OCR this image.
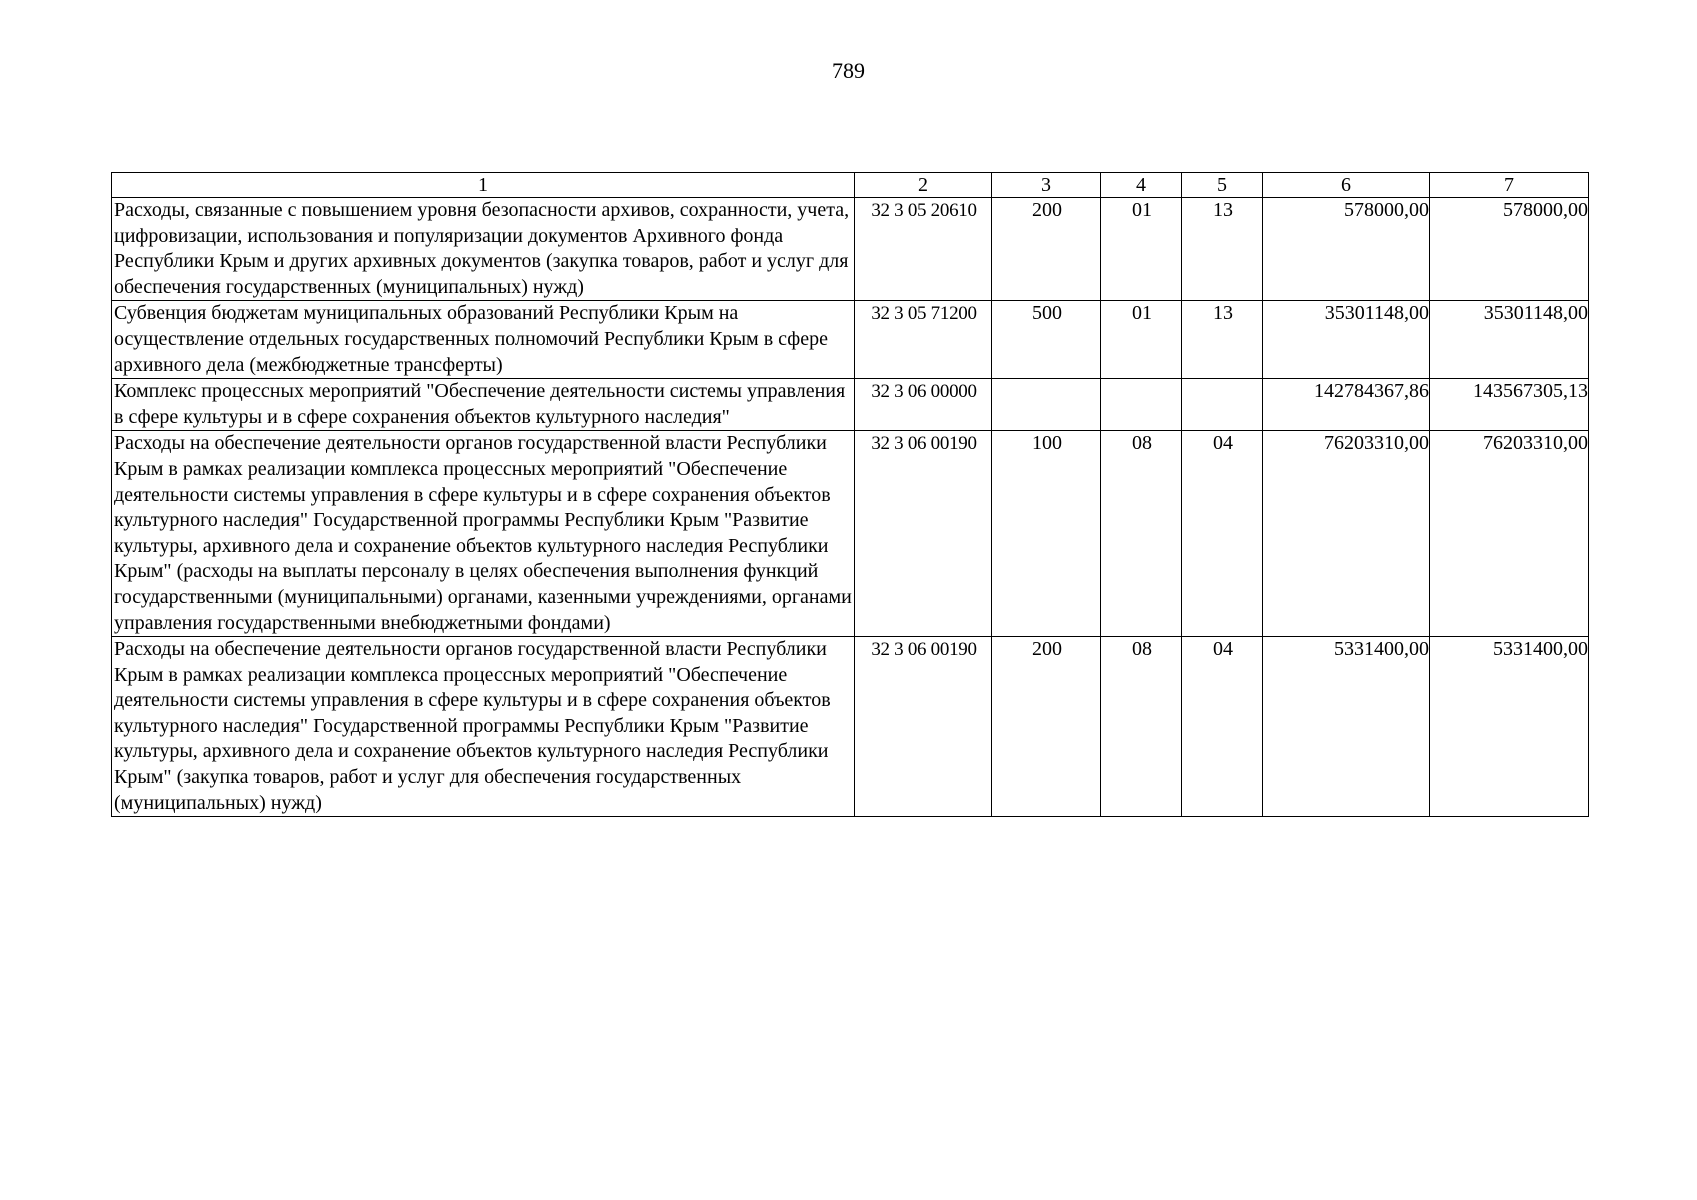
789
1	2	3	4	5	6	7
Расходы, связанные с повышением уровня безопасности архивов, сохранности, учета, цифровизации, использования и популяризации документов Архивного фонда Республики Крым и других архивных документов (закупка товаров, работ и услуг для обеспечения государственных (муниципальных) нужд)	32 3 05 20610	200	01	13	578000,00	578000,00
Субвенция бюджетам муниципальных образований Республики Крым на осуществление отдельных государственных полномочий Республики Крым в сфере архивного дела (межбюджетные трансферты)	32 3 05 71200	500	01	13	35301148,00	35301148,00
Комплекс процессных мероприятий "Обеспечение деятельности системы управления в сфере культуры и в сфере сохранения объектов культурного наследия"	32 3 06 00000				142784367,86	143567305,13
Расходы на обеспечение деятельности органов государственной власти Республики Крым в рамках реализации комплекса процессных мероприятий "Обеспечение деятельности системы управления в сфере культуры и в сфере сохранения объектов культурного наследия" Государственной программы Республики Крым "Развитие культуры, архивного дела и сохранение объектов культурного наследия Республики Крым" (расходы на выплаты персоналу в целях обеспечения выполнения функций государственными (муниципальными) органами, казенными учреждениями, органами управления государственными внебюджетными фондами)	32 3 06 00190	100	08	04	76203310,00	76203310,00
Расходы на обеспечение деятельности органов государственной власти Республики Крым в рамках реализации комплекса процессных мероприятий "Обеспечение деятельности системы управления в сфере культуры и в сфере сохранения объектов культурного наследия" Государственной программы Республики Крым "Развитие культуры, архивного дела и сохранение объектов культурного наследия Республики Крым" (закупка товаров, работ и услуг для обеспечения государственных (муниципальных) нужд)	32 3 06 00190	200	08	04	5331400,00	5331400,00
